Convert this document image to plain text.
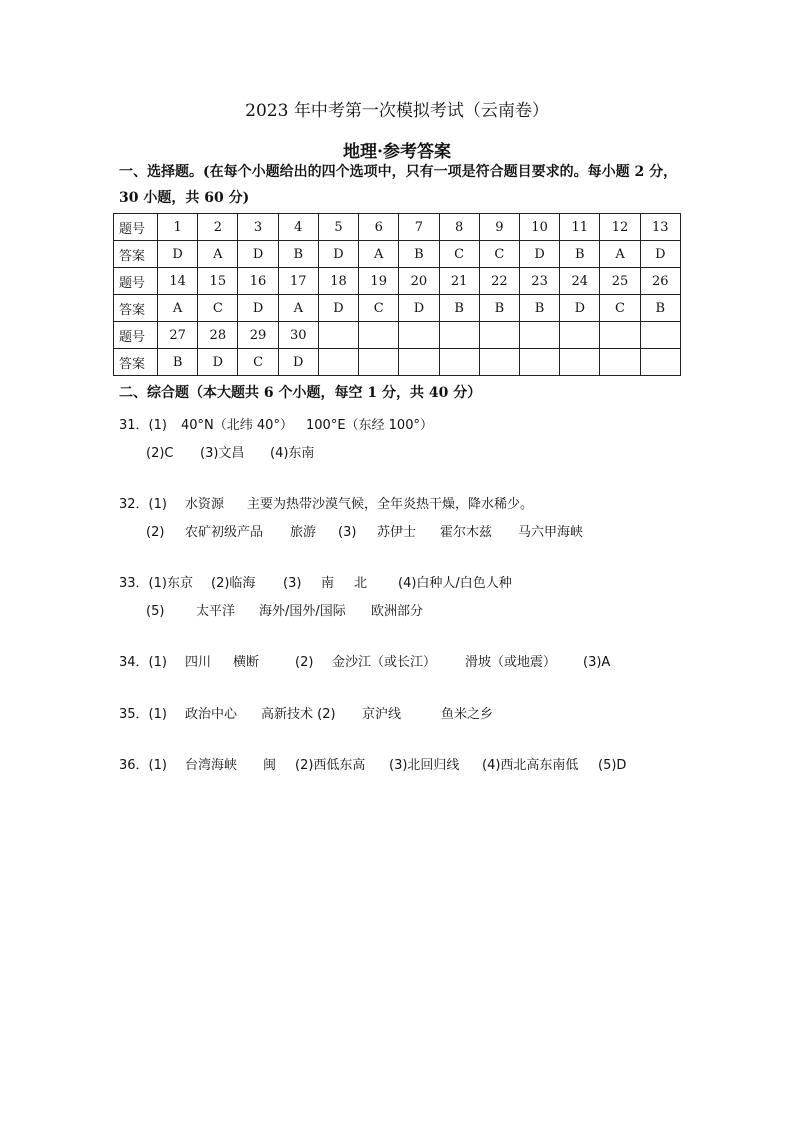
2023 年中考第一次模拟考试（云南卷）
地理·参考答案
一、选择题。(在每个小题给出的四个选项中，只有一项是符合题目要求的。每小题 2 分，
30 小题，共 60 分)
题号	1	2	3	4	5	6	7	8	9	10	11	12	13
答案	D	A	D	B	D	A	B	C	C	D	B	A	D
题号	14	15	16	17	18	19	20	21	22	23	24	25	26
答案	A	C	D	A	D	C	D	B	B	B	D	C	B
题号	27	28	29	30									
答案	B	D	C	D									
二、综合题（本大题共 6 个小题，每空 1 分，共 40 分）
31．(1) 40°N（北纬 40°） 100°E（东经 100°）
(2)C (3)文昌 (4)东南
32．(1) 水资源 主要为热带沙漠气候，全年炎热干燥，降水稀少。
(2) 农矿初级产品 旅游 (3) 苏伊士 霍尔木兹 马六甲海峡
33．(1)东京 (2)临海 (3) 南 北 (4)白种人/白色人种
(5) 太平洋 海外/国外/国际 欧洲部分
34．(1) 四川 横断	(2) 金沙江（或长江） 滑坡（或地震） (3)A
35．(1) 政治中心 高新技术 (2) 京沪线	鱼米之乡
36．(1) 台湾海峡 闽 (2)西低东高 (3)北回归线 (4)西北高东南低 (5)D
